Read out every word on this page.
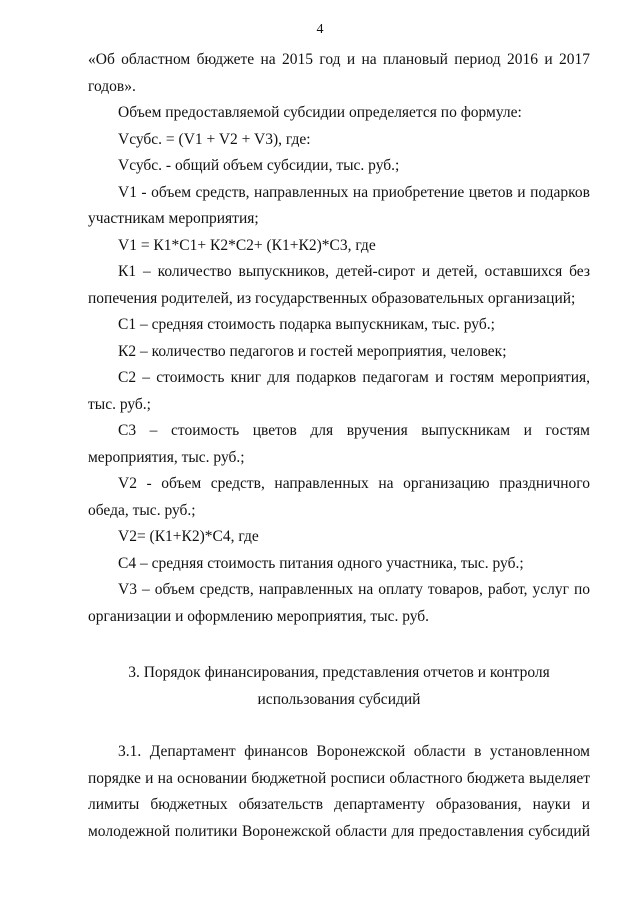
4

«Об областном бюджете на 2015 год и на плановый период 2016 и 2017 годов».

Объем предоставляемой субсидии определяется по формуле:

Vсубс. = (V1 + V2 + V3), где:

Vсубс. - общий объем субсидии, тыс. руб.;

V1 - объем средств, направленных на приобретение цветов и подарков участникам мероприятия;

V1 = К1*С1+ К2*С2+ (К1+К2)*С3, где

К1 – количество выпускников, детей-сирот и детей, оставшихся без попечения родителей, из государственных образовательных организаций;

С1 – средняя стоимость подарка выпускникам, тыс. руб.;

К2 – количество педагогов и гостей мероприятия, человек;

С2 – стоимость книг для подарков педагогам и гостям мероприятия, тыс. руб.;

С3 – стоимость цветов для вручения выпускникам и гостям мероприятия, тыс. руб.;

V2 - объем средств, направленных на организацию праздничного обеда, тыс. руб.;

V2= (К1+К2)*С4, где

С4 – средняя стоимость питания одного участника, тыс. руб.;

V3 – объем средств, направленных на оплату товаров, работ, услуг по организации и оформлению мероприятия, тыс. руб.

3. Порядок финансирования, представления отчетов и контроля
использования субсидий

3.1. Департамент финансов Воронежской области в установленном порядке и на основании бюджетной росписи областного бюджета выделяет лимиты бюджетных обязательств департаменту образования, науки и молодежной политики Воронежской области для предоставления субсидий
